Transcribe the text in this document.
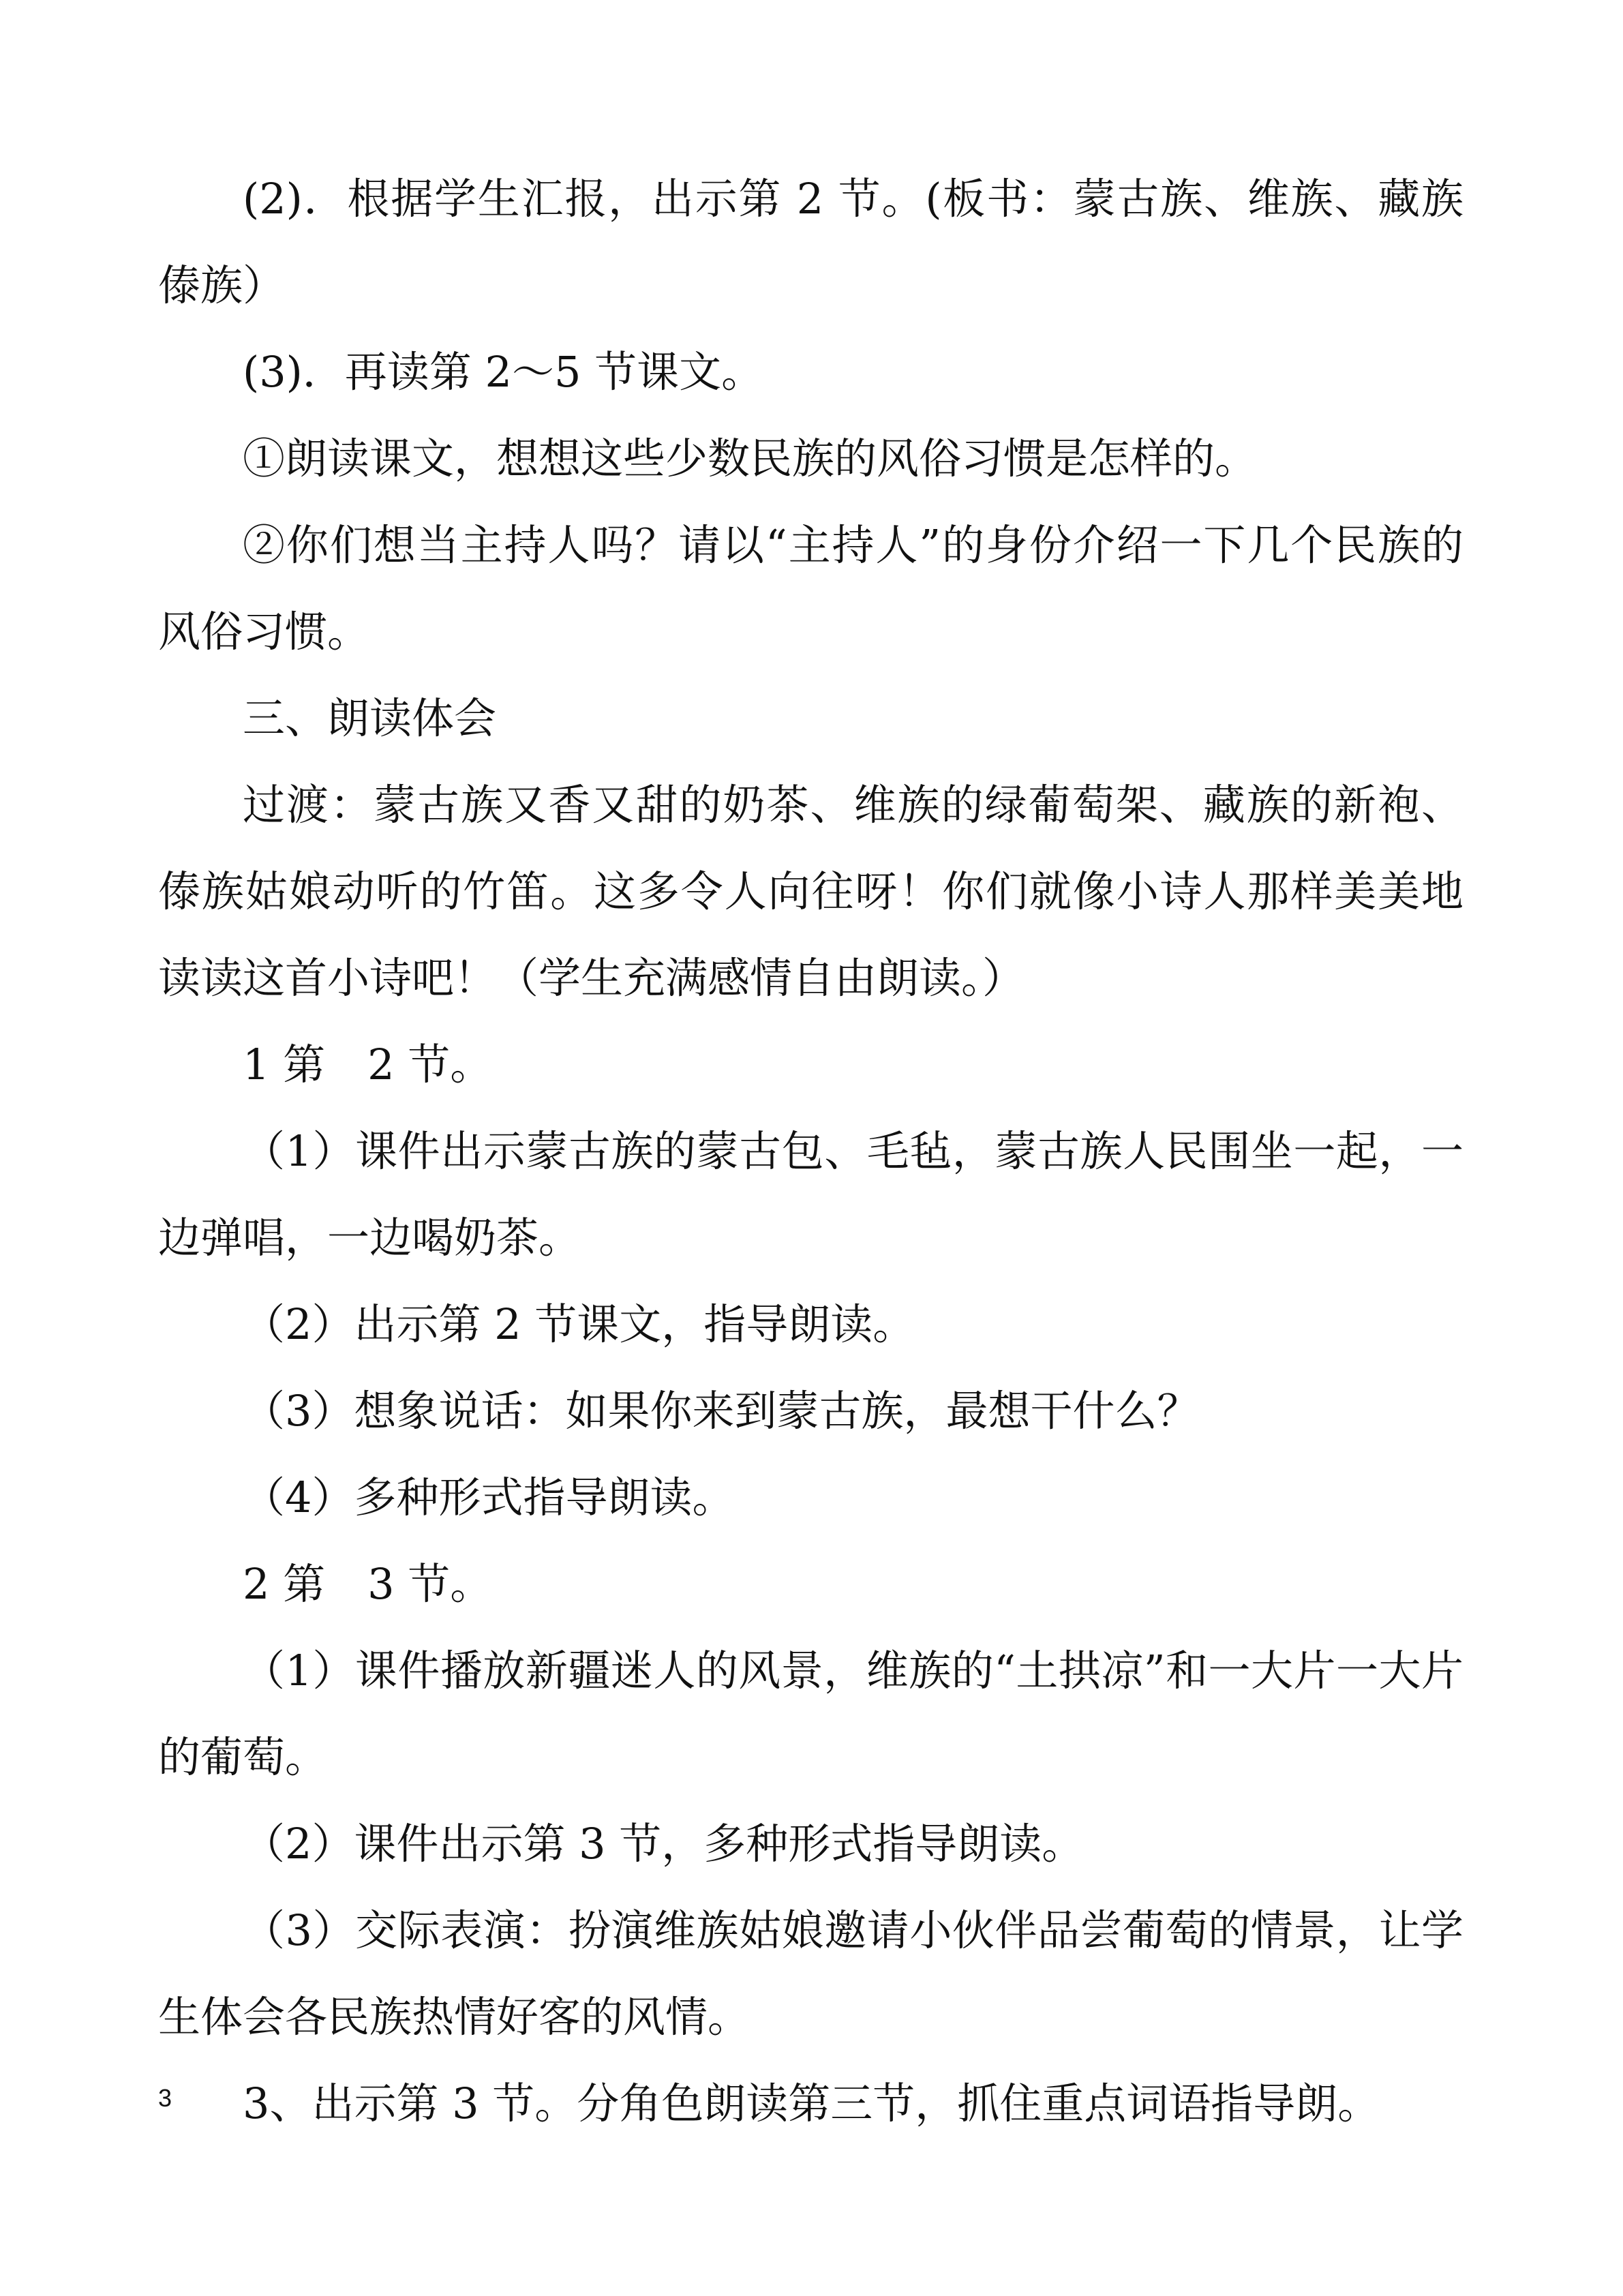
(2)．根据学生汇报，出示第 2 节。(板书：蒙古族、维族、藏族傣族）

(3)．再读第 2～5 节课文。

①朗读课文，想想这些少数民族的风俗习惯是怎样的。

②你们想当主持人吗？请以“主持人”的身份介绍一下几个民族的风俗习惯。

三、朗读体会

过渡：蒙古族又香又甜的奶茶、维族的绿葡萄架、藏族的新袍、傣族姑娘动听的竹笛。这多令人向往呀！你们就像小诗人那样美美地读读这首小诗吧！（学生充满感情自由朗读。）

1 第　2 节。

（1）课件出示蒙古族的蒙古包、毛毡，蒙古族人民围坐一起，一边弹唱，一边喝奶茶。

（2）出示第 2 节课文，指导朗读。

（3）想象说话：如果你来到蒙古族，最想干什么？

（4）多种形式指导朗读。

2 第　3 节。

（1）课件播放新疆迷人的风景，维族的“土拱凉”和一大片一大片的葡萄。

（2）课件出示第 3 节，多种形式指导朗读。

（3）交际表演：扮演维族姑娘邀请小伙伴品尝葡萄的情景，让学生体会各民族热情好客的风情。

3、出示第 3 节。分角色朗读第三节，抓住重点词语指导朗。

3
